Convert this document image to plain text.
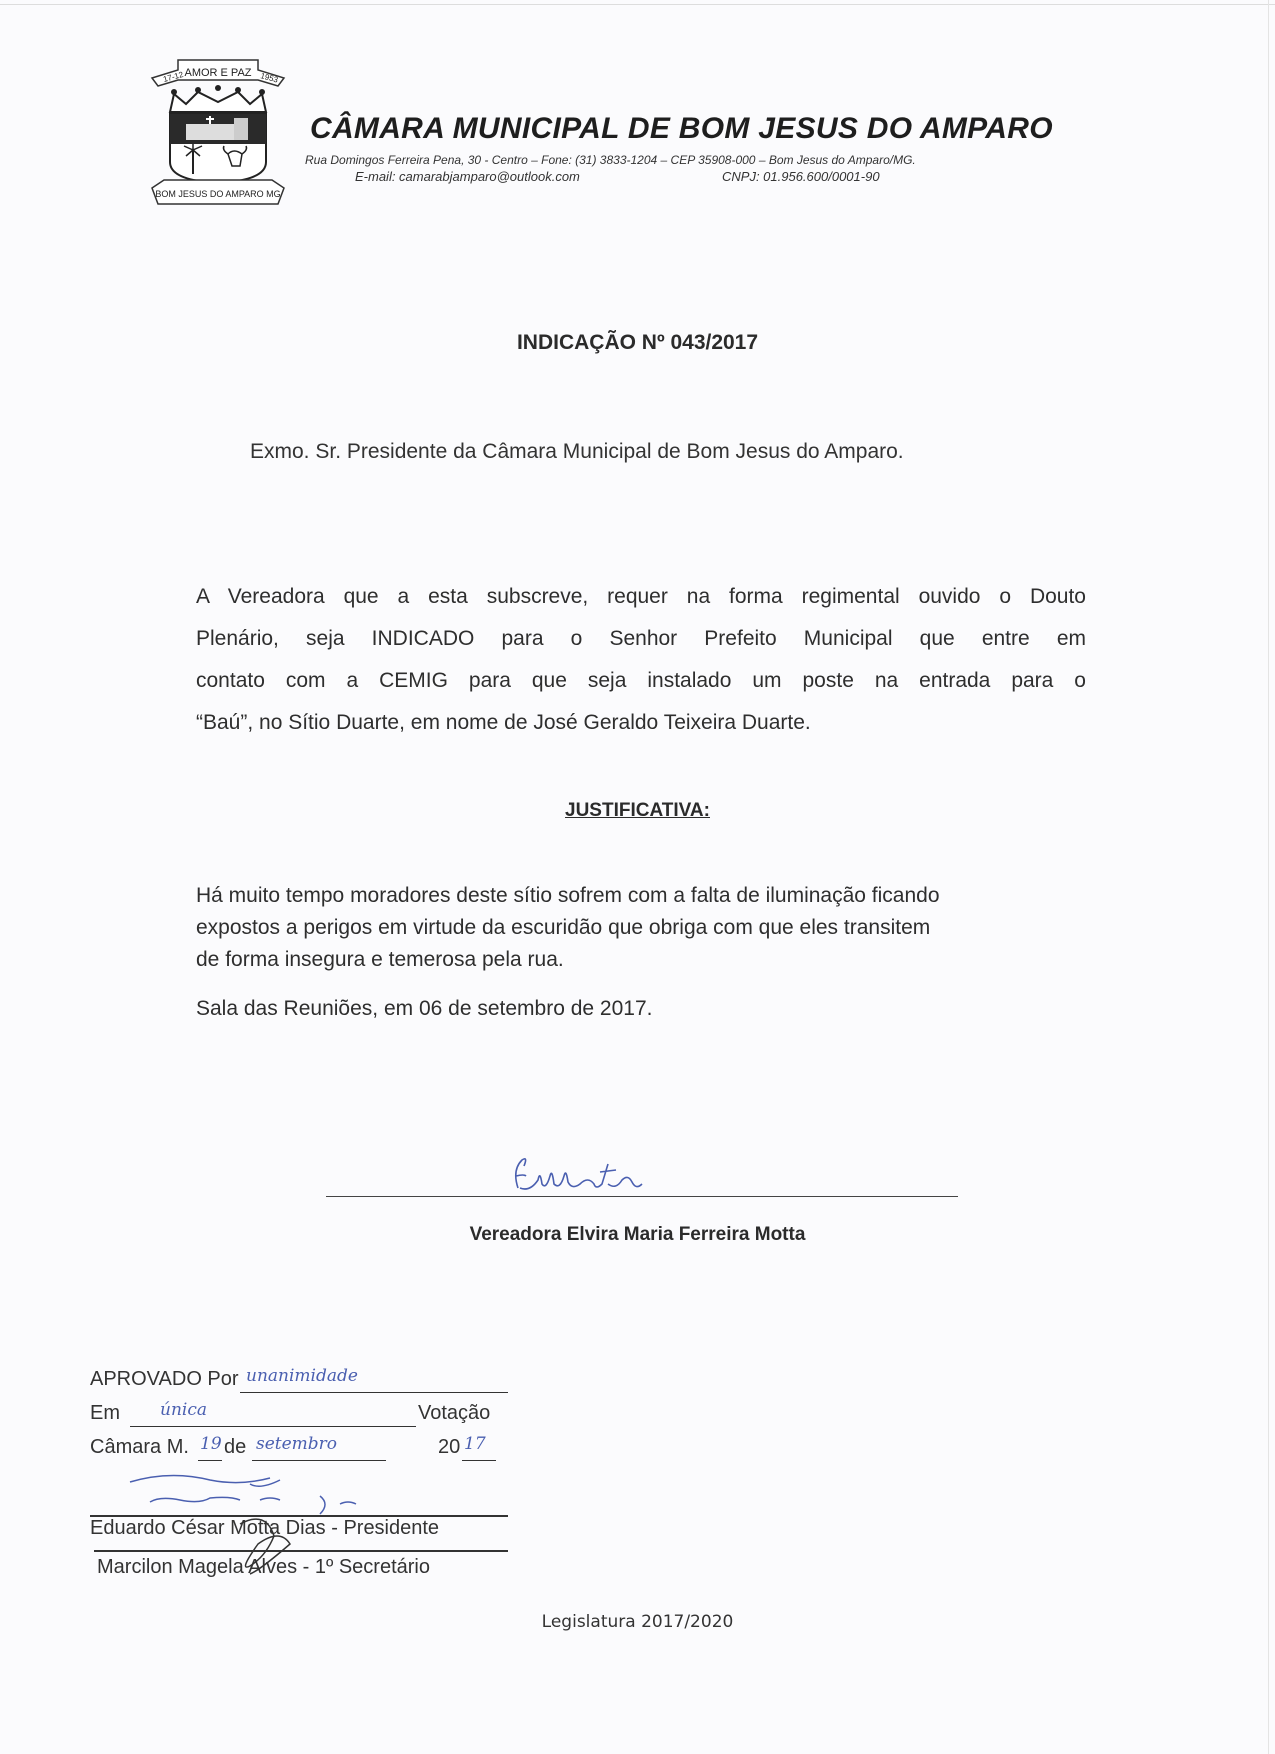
AMOR E PAZ
17-12	1953
BOM JESUS DO AMPARO MG
CÂMARA MUNICIPAL DE BOM JESUS DO AMPARO
Rua Domingos Ferreira Pena, 30 - Centro – Fone: (31) 3833-1204 – CEP 35908-000 – Bom Jesus do Amparo/MG.
E-mail: camarabjamparo@outlook.com	CNPJ: 01.956.600/0001-90
INDICAÇÃO Nº 043/2017
Exmo. Sr. Presidente da Câmara Municipal de Bom Jesus do Amparo.
A Vereadora que a esta subscreve, requer na forma regimental ouvido o Douto
Plenário, seja INDICADO para o Senhor Prefeito Municipal que entre em
contato com a CEMIG para que seja instalado um poste na entrada para o
“Baú”, no Sítio Duarte, em nome de José Geraldo Teixeira Duarte.
JUSTIFICATIVA:
Há muito tempo moradores deste sítio sofrem com a falta de iluminação ficando
expostos a perigos em virtude da escuridão que obriga com que eles transitem
de forma insegura e temerosa pela rua.
Sala das Reuniões, em 06 de setembro de 2017.
Vereadora Elvira Maria Ferreira Motta
APROVADO Por unanimidade
Em única	Votação
Câmara M. 19 de setembro	20 17
Eduardo César Motta Dias - Presidente
Marcilon Magela Alves - 1º Secretário
Legislatura 2017/2020
